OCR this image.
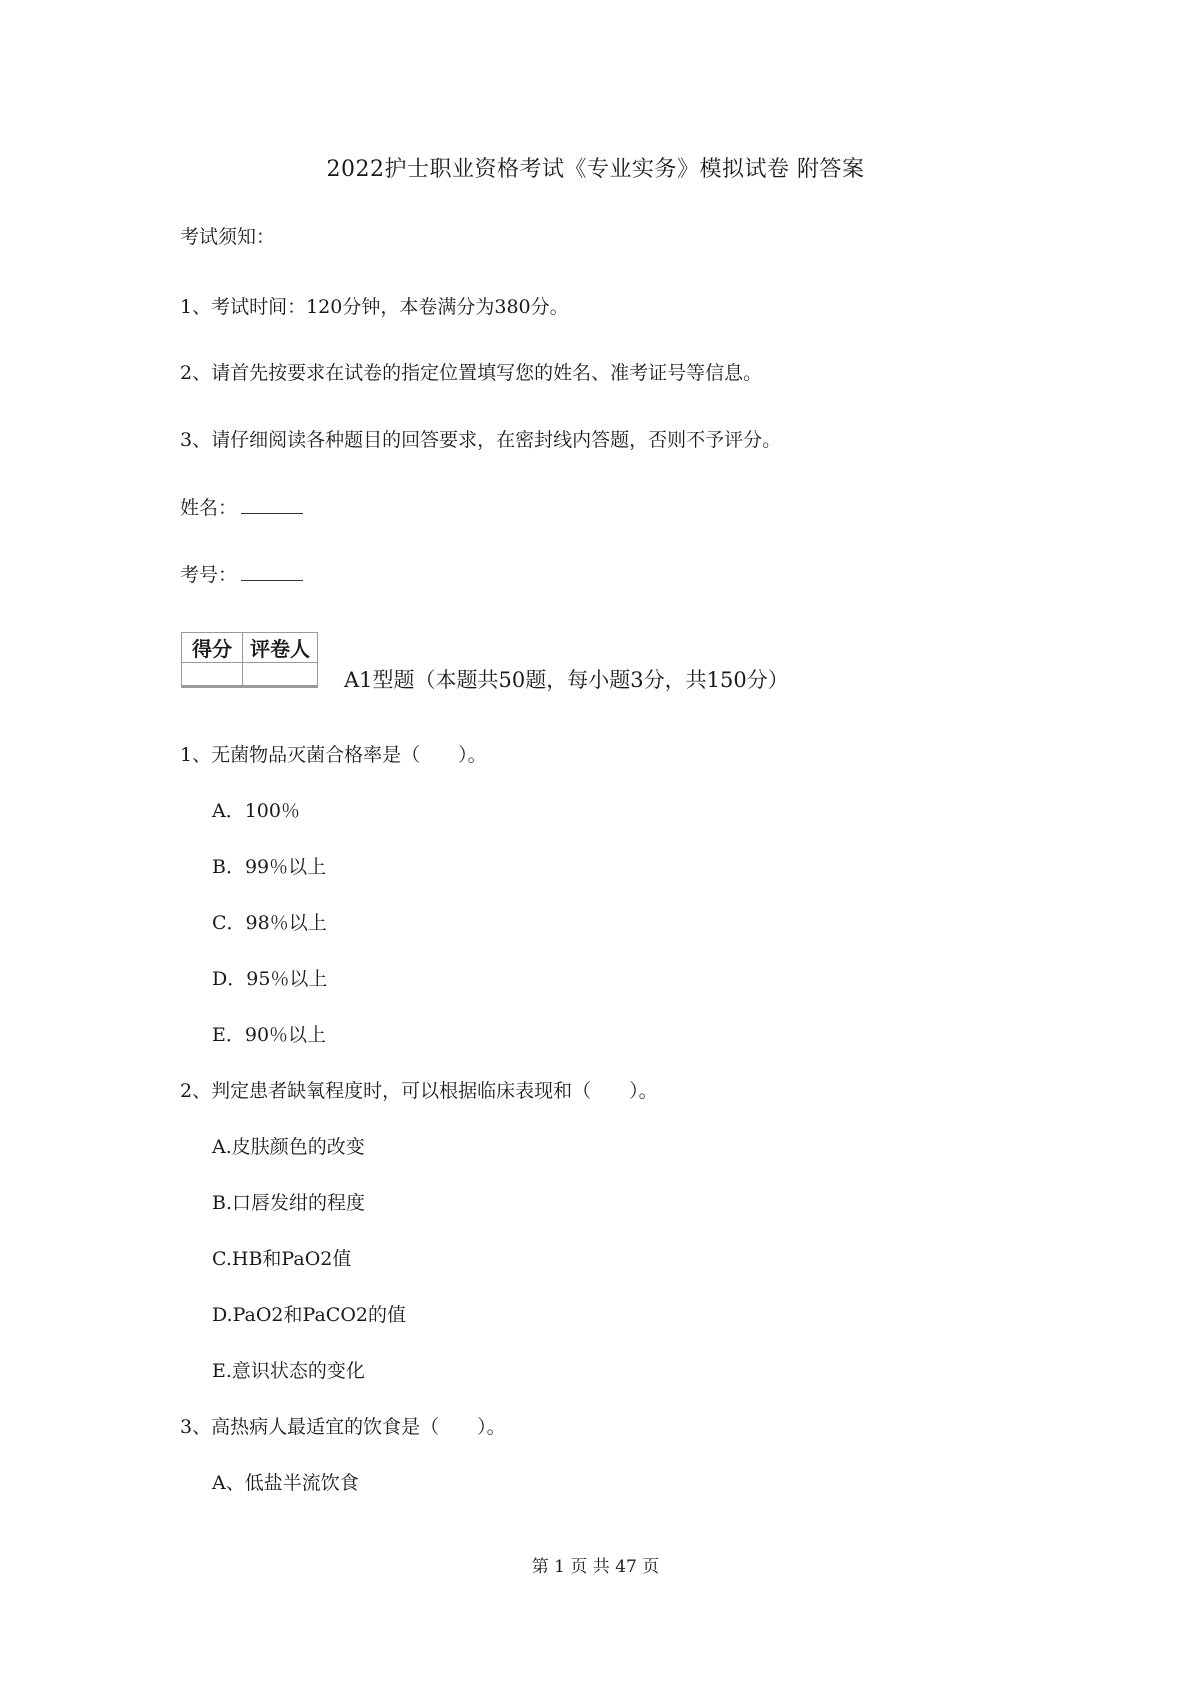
2022护士职业资格考试《专业实务》模拟试卷 附答案
考试须知：
1、考试时间：120分钟，本卷满分为380分。
2、请首先按要求在试卷的指定位置填写您的姓名、准考证号等信息。
3、请仔细阅读各种题目的回答要求，在密封线内答题，否则不予评分。
姓名：
考号：
得分	评卷人

A1型题（本题共50题，每小题3分，共150分）
1、无菌物品灭菌合格率是（　　）。
A．100％
B．99％以上
C．98％以上
D．95％以上
E．90％以上
2、判定患者缺氧程度时，可以根据临床表现和（　　）。
A.皮肤颜色的改变
B.口唇发绀的程度
C.HB和PaO2值
D.PaO2和PaCO2的值
E.意识状态的变化
3、高热病人最适宜的饮食是（　　）。
A、低盐半流饮食
第 1 页 共 47 页
